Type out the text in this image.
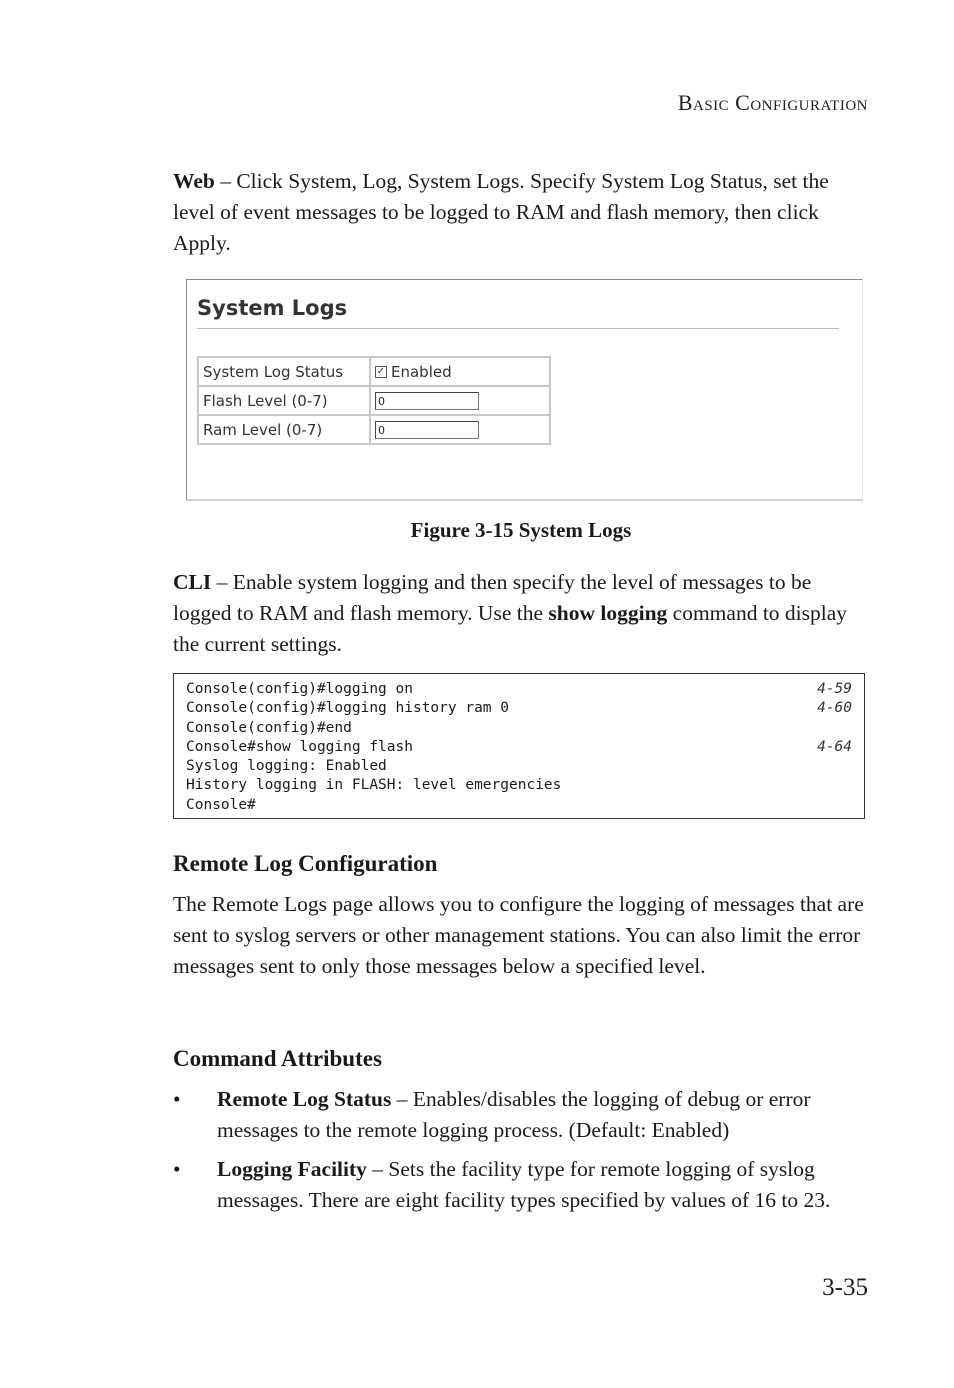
Basic Configuration
Web – Click System, Log, System Logs. Specify System Log Status, set the level of event messages to be logged to RAM and flash memory, then click Apply.
System Logs
System Log Status	✓ Enabled
Flash Level (0-7)	0
Ram Level (0-7)	0
Figure 3-15 System Logs
CLI – Enable system logging and then specify the level of messages to be logged to RAM and flash memory. Use the show logging command to display the current settings.
Console(config)#logging on	4-59
Console(config)#logging history ram 0	4-60
Console(config)#end
Console#show logging flash	4-64
Syslog logging: Enabled
History logging in FLASH: level emergencies
Console#
Remote Log Configuration
The Remote Logs page allows you to configure the logging of messages that are sent to syslog servers or other management stations. You can also limit the error messages sent to only those messages below a specified level.
Command Attributes
• Remote Log Status – Enables/disables the logging of debug or error messages to the remote logging process. (Default: Enabled)
• Logging Facility – Sets the facility type for remote logging of syslog messages. There are eight facility types specified by values of 16 to 23.
3-35
